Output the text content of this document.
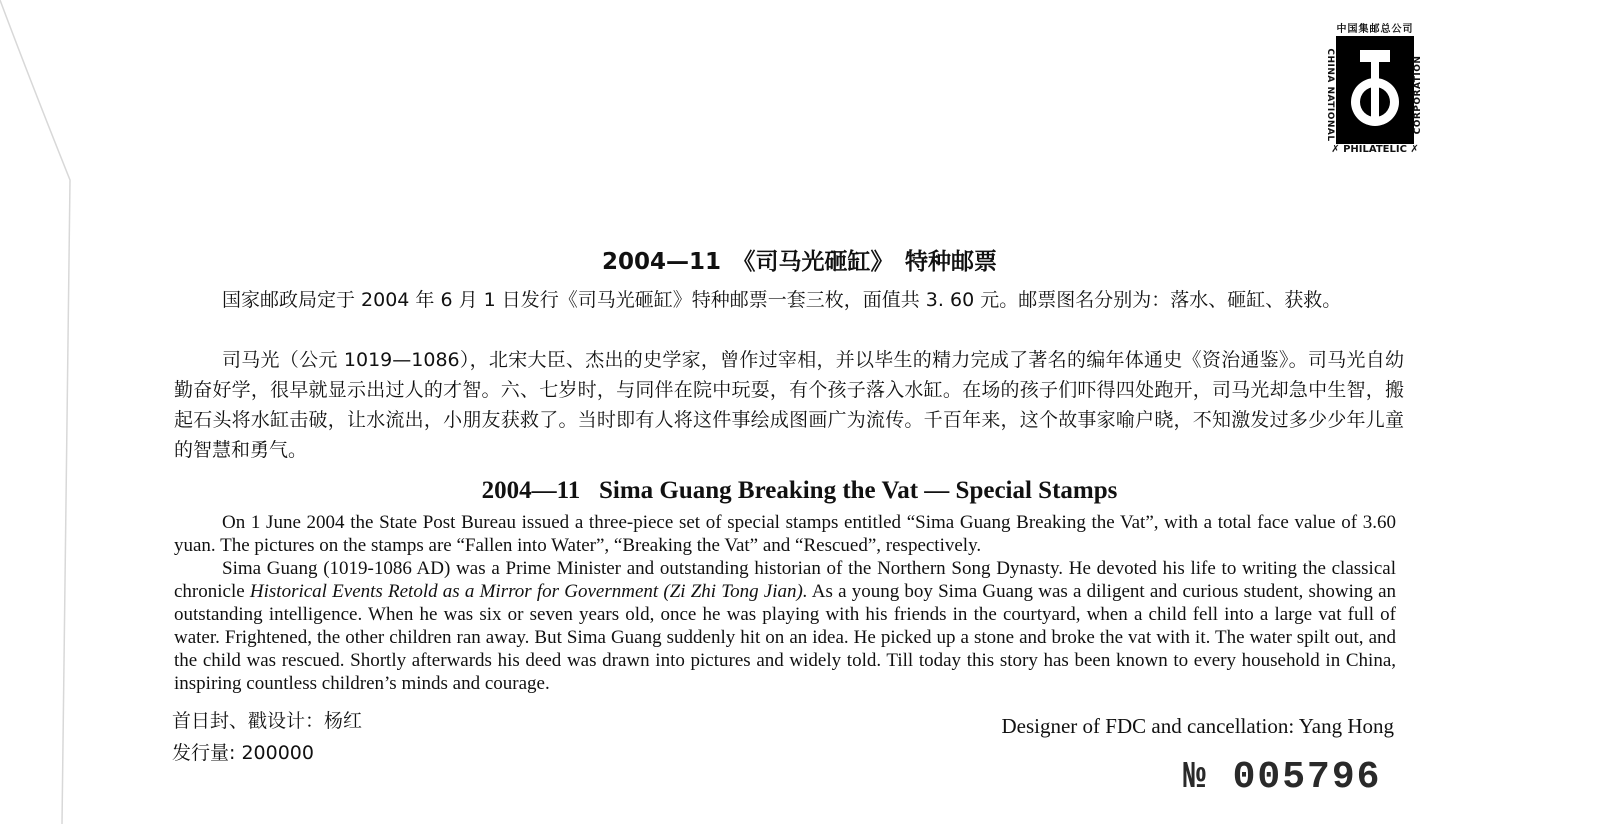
中国集邮总公司
CHINA NATIONAL	CORPORATION
✗ PHILATELIC ✗
2004—11　《司马光砸缸》　特种邮票
国家邮政局定于 2004 年 6 月 1 日发行《司马光砸缸》特种邮票一套三枚，面值共 3. 60 元。邮票图名分别为：落水、砸缸、获救。
司马光（公元 1019—1086），北宋大臣、杰出的史学家，曾作过宰相，并以毕生的精力完成了著名的编年体通史《资治通鉴》。司马光自幼勤奋好学，很早就显示出过人的才智。六、七岁时，与同伴在院中玩耍，有个孩子落入水缸。在场的孩子们吓得四处跑开，司马光却急中生智，搬起石头将水缸击破，让水流出，小朋友获救了。当时即有人将这件事绘成图画广为流传。千百年来，这个故事家喻户晓，不知激发过多少少年儿童的智慧和勇气。
2004—11   Sima Guang Breaking the Vat — Special Stamps
On 1 June 2004 the State Post Bureau issued a three-piece set of special stamps entitled “Sima Guang Breaking the Vat”, with a total face value of 3.60 yuan. The pictures on the stamps are “Fallen into Water”, “Breaking the Vat” and “Rescued”, respectively.
Sima Guang (1019-1086 AD) was a Prime Minister and outstanding historian of the Northern Song Dynasty. He devoted his life to writing the classical chronicle Historical Events Retold as a Mirror for Government (Zi Zhi Tong Jian). As a young boy Sima Guang was a diligent and curious student, showing an outstanding intelligence. When he was six or seven years old, once he was playing with his friends in the courtyard, when a child fell into a large vat full of water. Frightened, the other children ran away. But Sima Guang suddenly hit on an idea. He picked up a stone and broke the vat with it. The water spilt out, and the child was rescued. Shortly afterwards his deed was drawn into pictures and widely told. Till today this story has been known to every household in China, inspiring countless children’s minds and courage.
首日封、戳设计：杨红
发行量: 200000
Designer of FDC and cancellation: Yang Hong
№ 005796
